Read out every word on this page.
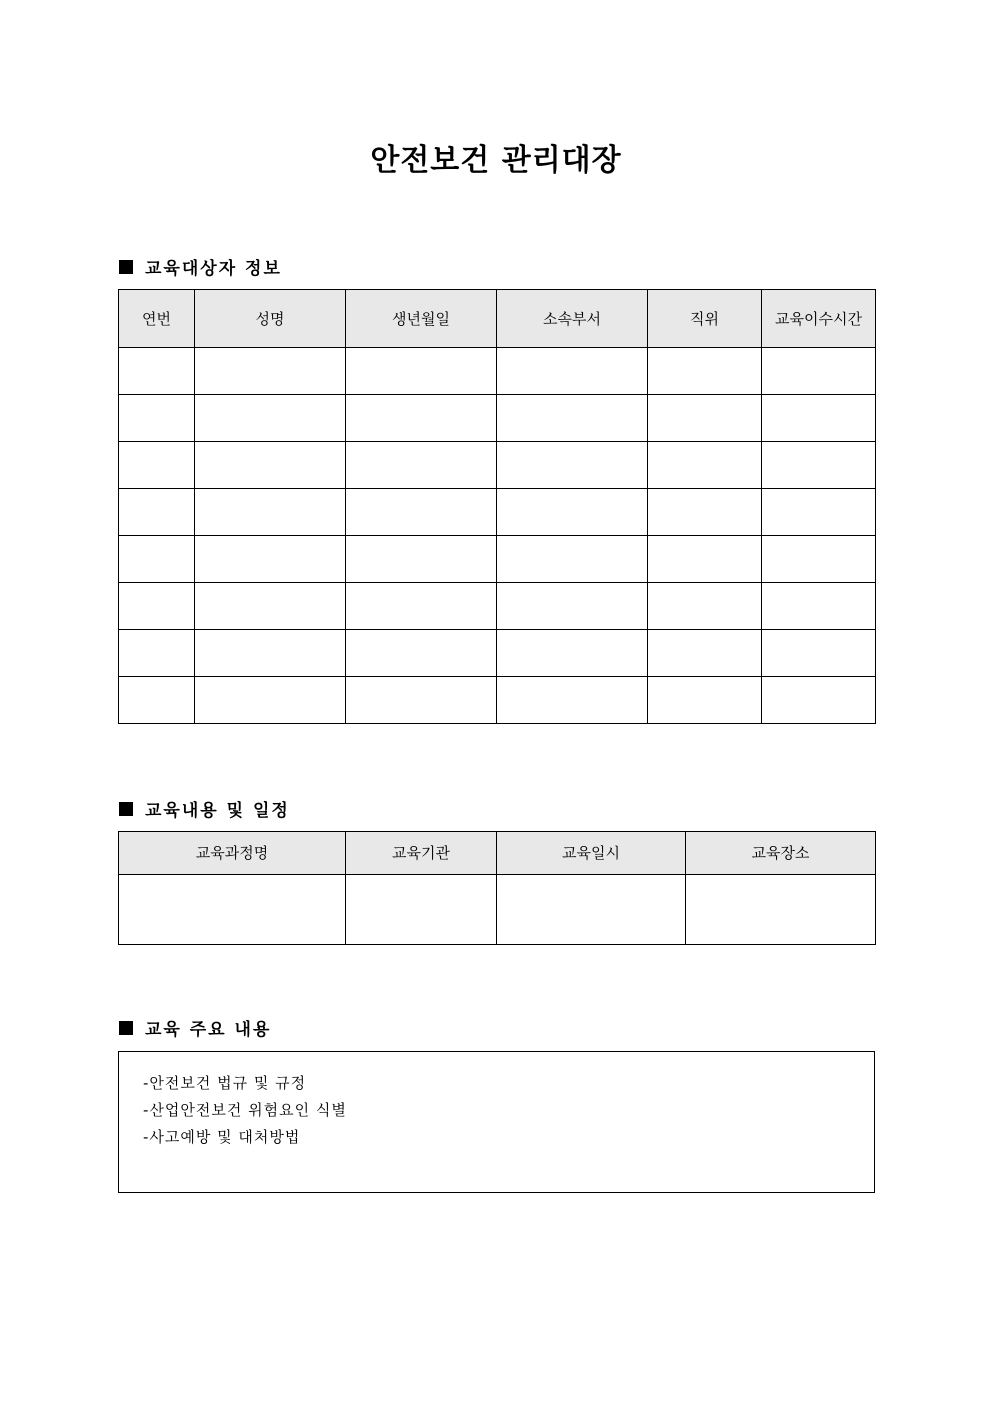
안전보건 관리대장
교육대상자 정보
연번	성명	생년월일	소속부서	직위	교육이수시간

교육내용 및 일정
교육과정명	교육기관	교육일시	교육장소

교육 주요 내용
-안전보건 법규 및 규정
-산업안전보건 위험요인 식별
-사고예방 및 대처방법
